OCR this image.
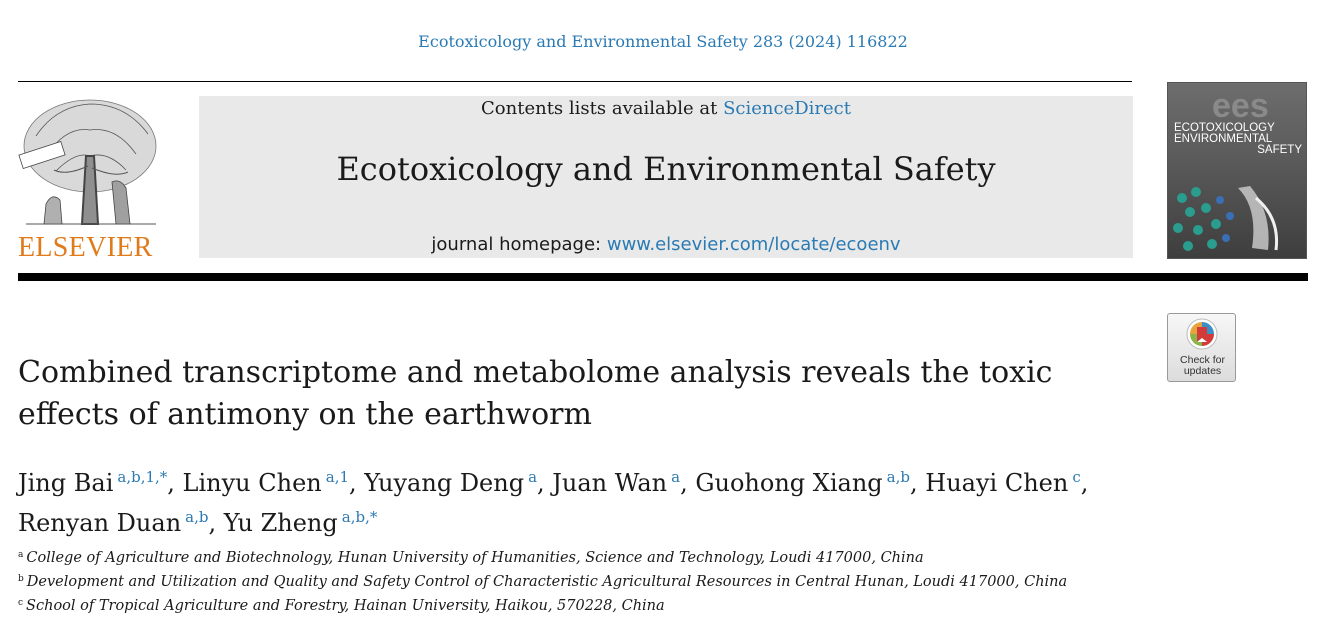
Ecotoxicology and Environmental Safety 283 (2024) 116822
ELSEVIER
Contents lists available at ScienceDirect
Ecotoxicology and Environmental Safety
journal homepage: www.elsevier.com/locate/ecoenv
ees
ECOTOXICOLOGY
ENVIRONMENTAL
SAFETY
Check for
updates
Combined transcriptome and metabolome analysis reveals the toxic effects of antimony on the earthworm
Jing Bai $^{a,b,1,*}$, Linyu Chen $^{a,1}$, Yuyang Deng $^a$, Juan Wan $^a$, Guohong Xiang $^{a,b}$, Huayi Chen $^c$,
Renyan Duan $^{a,b}$, Yu Zheng $^{a,b,*}$
$^a$ College of Agriculture and Biotechnology, Hunan University of Humanities, Science and Technology, Loudi 417000, China
$^b$ Development and Utilization and Quality and Safety Control of Characteristic Agricultural Resources in Central Hunan, Loudi 417000, China
$^c$ School of Tropical Agriculture and Forestry, Hainan University, Haikou, 570228, China
